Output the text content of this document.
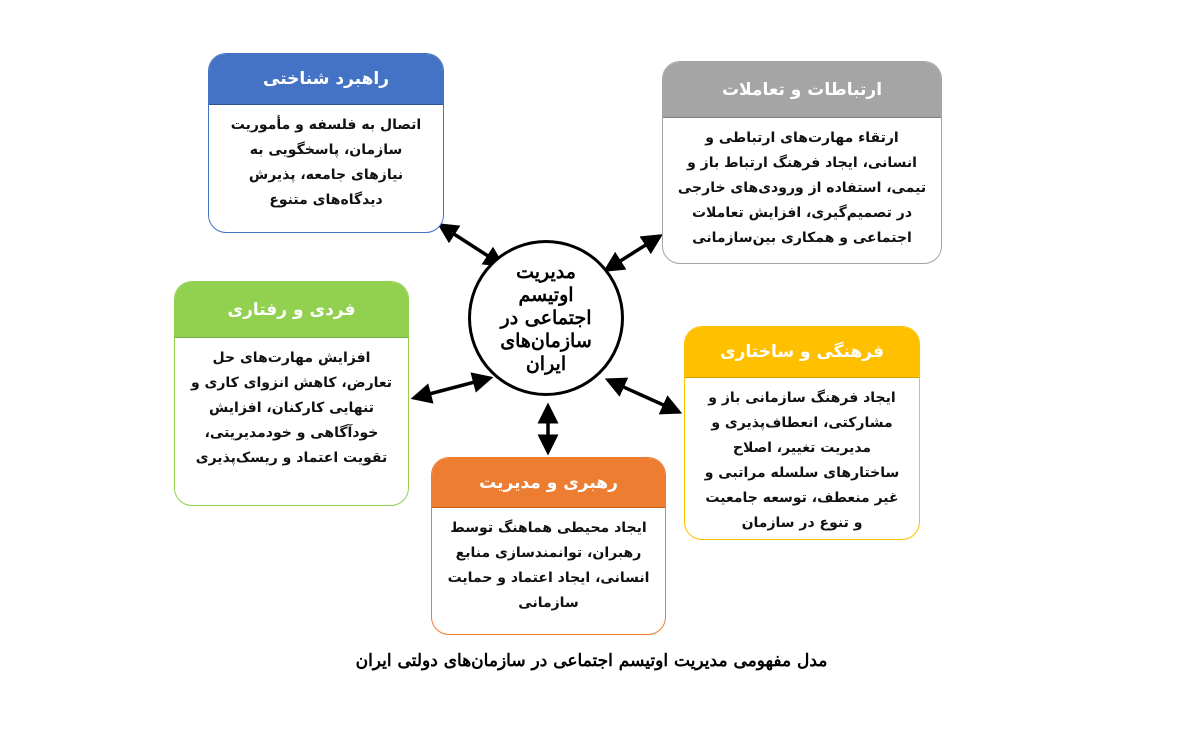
راهبرد شناختی
اتصال به فلسفه و مأموریت سازمان، پاسخگویی به نیازهای جامعه، پذیرش دیدگاه‌های متنوع
ارتباطات و تعاملات
ارتقاء مهارت‌های ارتباطی و انسانی، ایجاد فرهنگ ارتباط باز و تیمی، استفاده از ورودی‌های خارجی در تصمیم‌گیری، افزایش تعاملات اجتماعی و همکاری بین‌سازمانی
فردی و رفتاری
افزایش مهارت‌های حل تعارض، کاهش انزوای کاری و تنهایی کارکنان، افزایش خودآگاهی و خودمدیریتی، تقویت اعتماد و ریسک‌پذیری
فرهنگی و ساختاری
ایجاد فرهنگ سازمانی باز و مشارکتی، انعطاف‌پذیری و مدیریت تغییر، اصلاح ساختارهای سلسله مراتبی و غیر منعطف، توسعه جامعیت و تنوع در سازمان
رهبری و مدیریت
ایجاد محیطی هماهنگ توسط رهبران، توانمندسازی منابع انسانی، ایجاد اعتماد و حمایت سازمانی
مدیریت اوتیسم اجتماعی در سازمان‌های ایران
مدل مفهومی مدیریت اوتیسم اجتماعی در سازمان‌های دولتی ایران
